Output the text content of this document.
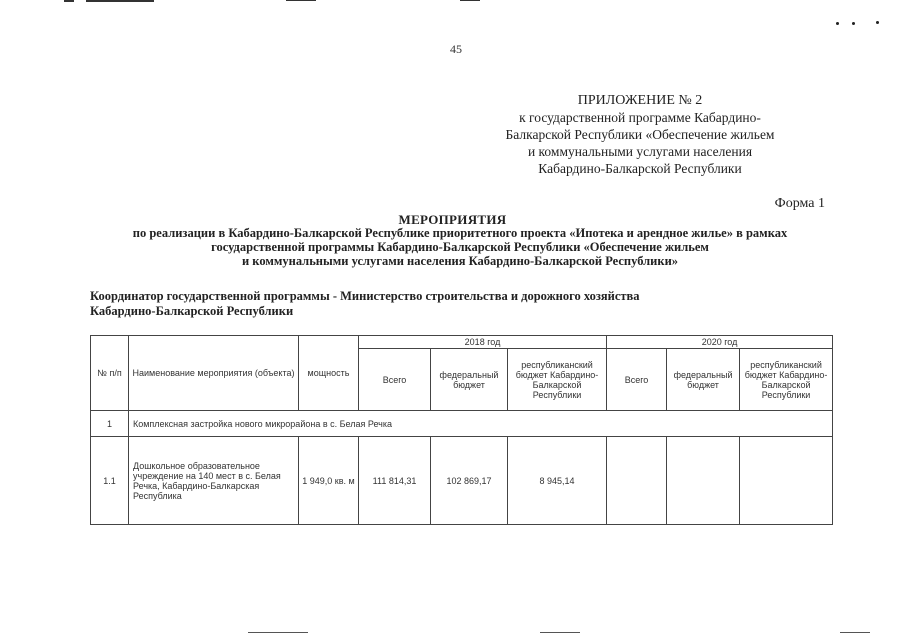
45
ПРИЛОЖЕНИЕ № 2
к государственной программе Кабардино-
Балкарской Республики «Обеспечение жильем
и коммунальными услугами населения
Кабардино-Балкарской Республики
Форма 1
МЕРОПРИЯТИЯ
по реализации в Кабардино-Балкарской Республике приоритетного проекта «Ипотека и арендное жилье» в рамках
государственной программы Кабардино-Балкарской Республики «Обеспечение жильем
и коммунальными услугами населения Кабардино-Балкарской Республики»
Координатор государственной программы - Министерство строительства и дорожного хозяйства
Кабардино-Балкарской Республики
№ п/п	Наименование мероприятия (объекта)	мощность	2018 год			2020 год		
			Всего	федеральный бюджет	республиканский бюджет Кабардино-Балкарской Республики	Всего	федеральный бюджет	республиканский бюджет Кабардино-Балкарской Республики
1	Комплексная застройка нового микрорайона в с. Белая Речка							
1.1	Дошкольное образовательное учреждение на 140 мест в с. Белая Речка, Кабардино-Балкарская Республика	1 949,0 кв. м	111 814,31	102 869,17	8 945,14			
